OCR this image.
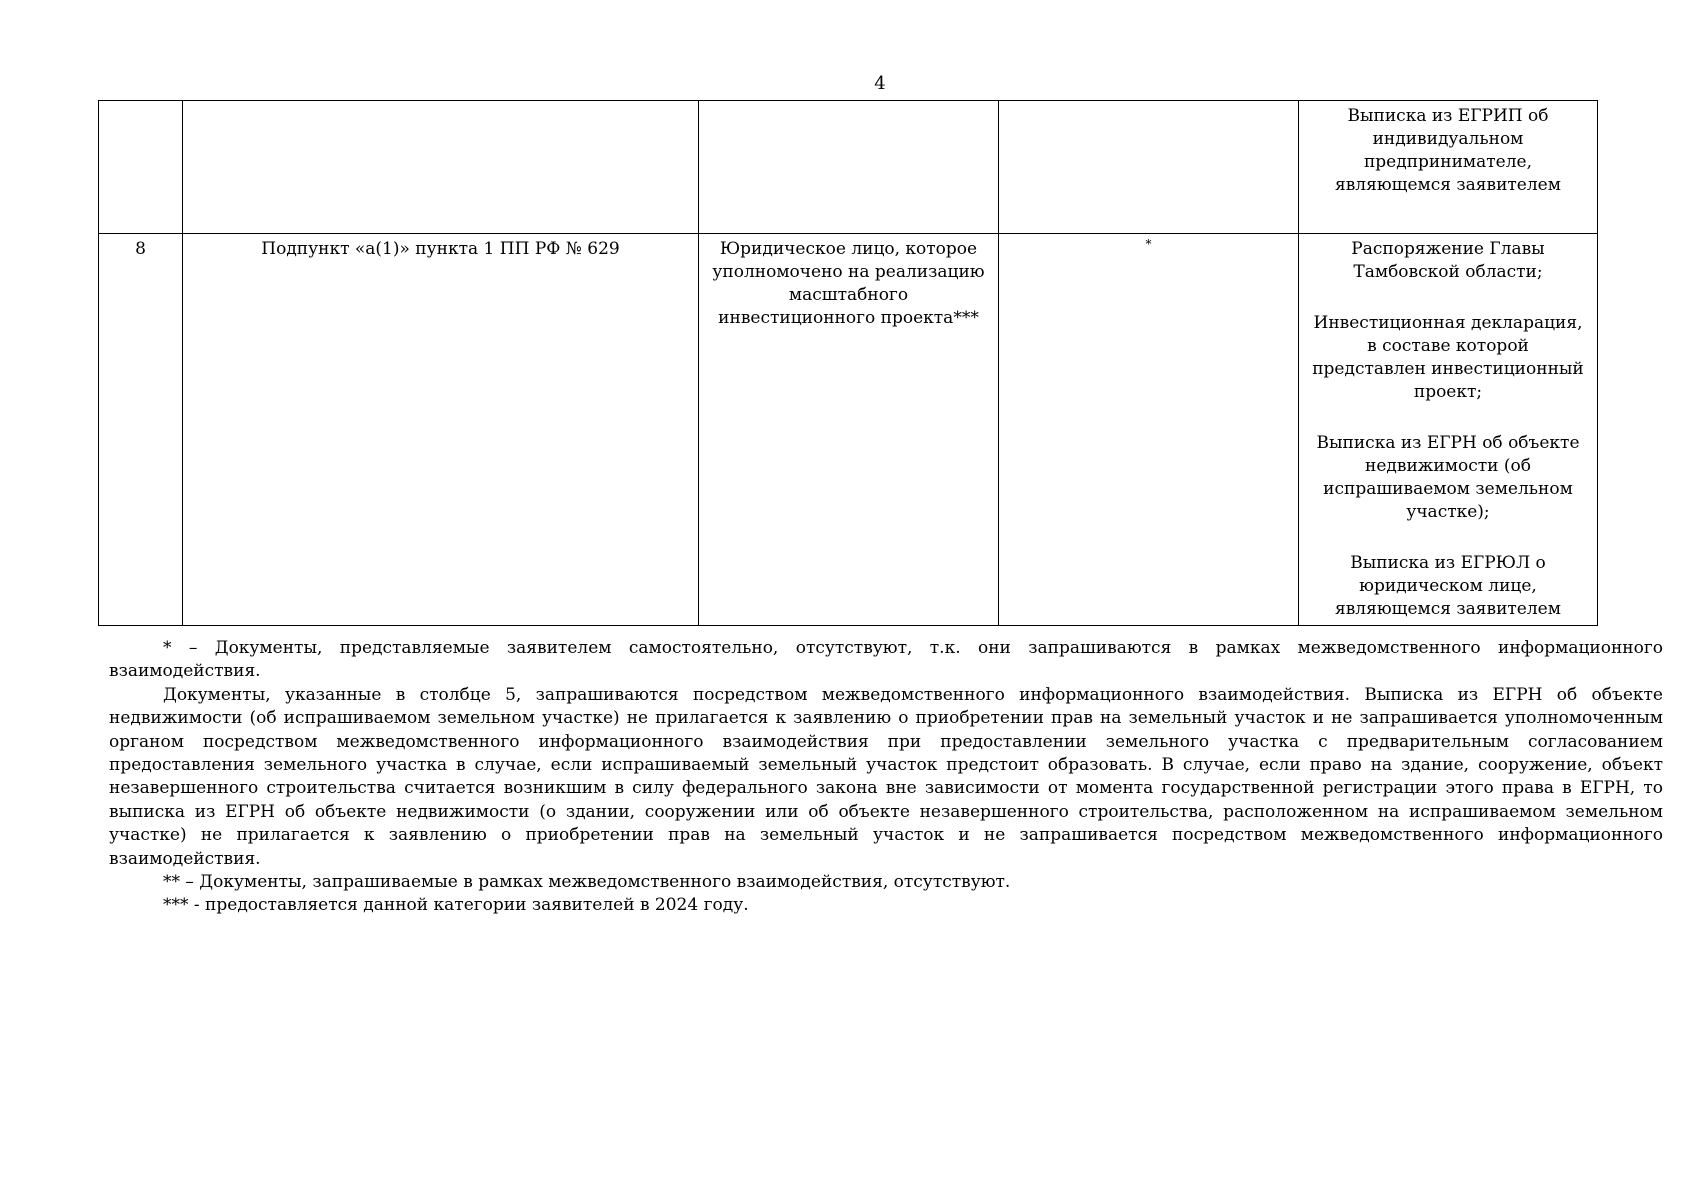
4
				Выписка из ЕГРИП об индивидуальном предпринимателе, являющемся заявителем
8	Подпункт «а(1)» пункта 1 ПП РФ № 629	Юридическое лицо, которое уполномочено на реализацию масштабного инвестиционного проекта***	*	Распоряжение Главы Тамбовской области;
Инвестиционная декларация, в составе которой представлен инвестиционный проект;
Выписка из ЕГРН об объекте недвижимости (об испрашиваемом земельном участке);
Выписка из ЕГРЮЛ о юридическом лице, являющемся заявителем

* – Документы, представляемые заявителем самостоятельно, отсутствуют, т.к. они запрашиваются в рамках межведомственного информационного взаимодействия.

Документы, указанные в столбце 5, запрашиваются посредством межведомственного информационного взаимодействия. Выписка из ЕГРН об объекте недвижимости (об испрашиваемом земельном участке) не прилагается к заявлению о приобретении прав на земельный участок и не запрашивается уполномоченным органом посредством межведомственного информационного взаимодействия при предоставлении земельного участка с предварительным согласованием предоставления земельного участка в случае, если испрашиваемый земельный участок предстоит образовать. В случае, если право на здание, сооружение, объект незавершенного строительства считается возникшим в силу федерального закона вне зависимости от момента государственной регистрации этого права в ЕГРН, то выписка из ЕГРН об объекте недвижимости (о здании, сооружении или об объекте незавершенного строительства, расположенном на испрашиваемом земельном участке) не прилагается к заявлению о приобретении прав на земельный участок и не запрашивается посредством межведомственного информационного взаимодействия.

** – Документы, запрашиваемые в рамках межведомственного взаимодействия, отсутствуют.

*** - предоставляется данной категории заявителей в 2024 году.
